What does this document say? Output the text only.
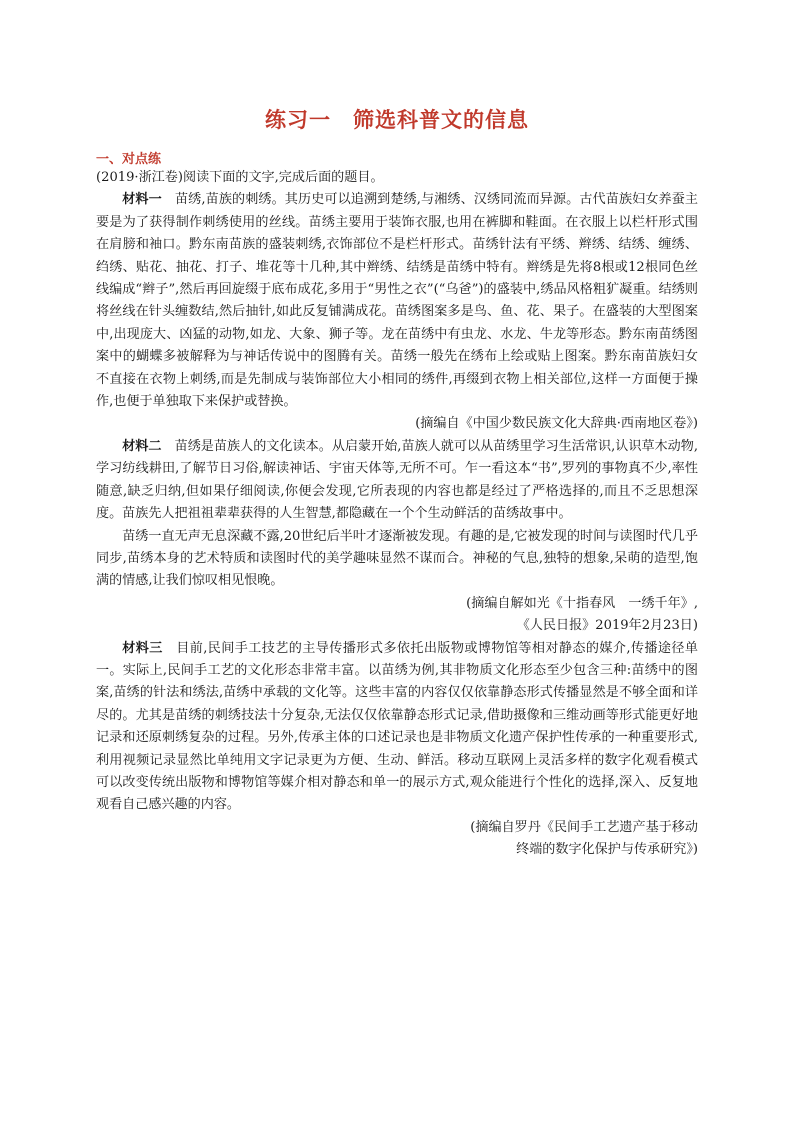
练习一　筛选科普文的信息
一、对点练

(2019·浙江卷)阅读下面的文字,完成后面的题目。

材料一　 苗绣,苗族的刺绣。其历史可以追溯到楚绣,与湘绣、汉绣同流而异源。古代苗族妇女养蚕主要是为了获得制作刺绣使用的丝线。苗绣主要用于装饰衣服,也用在裤脚和鞋面。在衣服上以栏杆形式围在肩膀和袖口。黔东南苗族的盛装刺绣,衣饰部位不是栏杆形式。苗绣针法有平绣、辫绣、结绣、缠绣、绉绣、贴花、抽花、打子、堆花等十几种,其中辫绣、结绣是苗绣中特有。辫绣是先将8根或12根同色丝线编成“辫子”,然后再回旋缀于底布成花,多用于“男性之衣”(“乌爸”)的盛装中,绣品风格粗犷凝重。结绣则将丝线在针头缠数结,然后抽针,如此反复铺满成花。苗绣图案多是鸟、鱼、花、果子。在盛装的大型图案中,出现庞大、凶猛的动物,如龙、大象、狮子等。龙在苗绣中有虫龙、水龙、牛龙等形态。黔东南苗绣图案中的蝴蝶多被解释为与神话传说中的图腾有关。苗绣一般先在绣布上绘或贴上图案。黔东南苗族妇女不直接在衣物上刺绣,而是先制成与装饰部位大小相同的绣件,再缀到衣物上相关部位,这样一方面便于操作,也便于单独取下来保护或替换。

(摘编自《中国少数民族文化大辞典·西南地区卷》)

材料二　 苗绣是苗族人的文化读本。从启蒙开始,苗族人就可以从苗绣里学习生活常识,认识草木动物,学习纺线耕田,了解节日习俗,解读神话、宇宙天体等,无所不可。乍一看这本“书”,罗列的事物真不少,率性随意,缺乏归纳,但如果仔细阅读,你便会发现,它所表现的内容也都是经过了严格选择的,而且不乏思想深度。苗族先人把祖祖辈辈获得的人生智慧,都隐藏在一个个生动鲜活的苗绣故事中。

苗绣一直无声无息深藏不露,20世纪后半叶才逐渐被发现。有趣的是,它被发现的时间与读图时代几乎同步,苗绣本身的艺术特质和读图时代的美学趣味显然不谋而合。神秘的气息,独特的想象,呆萌的造型,饱满的情感,让我们惊叹相见恨晚。

(摘编自解如光《十指春风　一绣千年》,

《人民日报》2019年2月23日)

材料三　 目前,民间手工技艺的主导传播形式多依托出版物或博物馆等相对静态的媒介,传播途径单一。实际上,民间手工艺的文化形态非常丰富。以苗绣为例,其非物质文化形态至少包含三种:苗绣中的图案,苗绣的针法和绣法,苗绣中承载的文化等。这些丰富的内容仅仅依靠静态形式传播显然是不够全面和详尽的。尤其是苗绣的刺绣技法十分复杂,无法仅仅依靠静态形式记录,借助摄像和三维动画等形式能更好地记录和还原刺绣复杂的过程。另外,传承主体的口述记录也是非物质文化遗产保护性传承的一种重要形式,利用视频记录显然比单纯用文字记录更为方便、生动、鲜活。移动互联网上灵活多样的数字化观看模式可以改变传统出版物和博物馆等媒介相对静态和单一的展示方式,观众能进行个性化的选择,深入、反复地观看自己感兴趣的内容。

(摘编自罗丹《民间手工艺遗产基于移动

终端的数字化保护与传承研究》)
